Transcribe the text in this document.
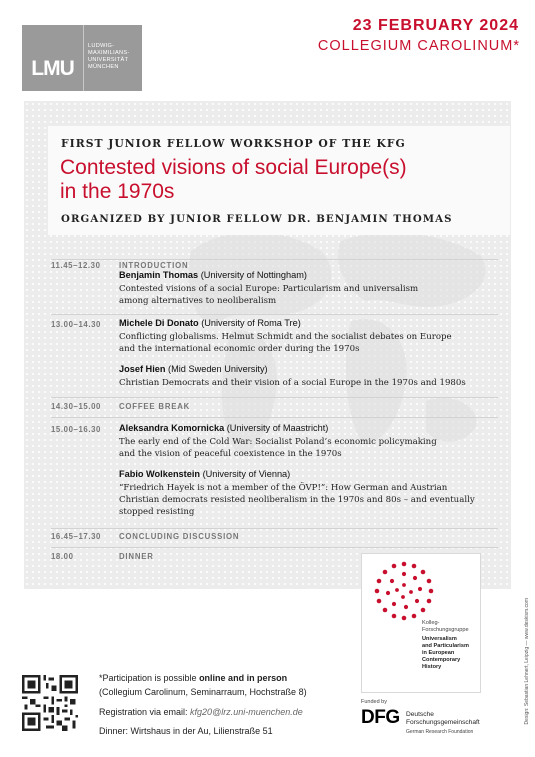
LMU
LUDWIG-
MAXIMILIANS-
UNIVERSITÄT
MÜNCHEN
23 FEBRUARY 2024
COLLEGIUM CAROLINUM*
FIRST JUNIOR FELLOW WORKSHOP OF THE KFG
Contested visions of social Europe(s)
in the 1970s
ORGANIZED BY JUNIOR FELLOW DR. BENJAMIN THOMAS
11.45–12.30 INTRODUCTION
Benjamin Thomas (University of Nottingham)
Contested visions of a social Europe: Particularism and universalism
among alternatives to neoliberalism
13.00–14.30 Michele Di Donato (University of Roma Tre)
Conflicting globalisms. Helmut Schmidt and the socialist debates on Europe
and the international economic order during the 1970s
Josef Hien (Mid Sweden University)
Christian Democrats and their vision of a social Europe in the 1970s and 1980s
14.30–15.00 COFFEE BREAK
15.00–16.30 Aleksandra Komornicka (University of Maastricht)
The early end of the Cold War: Socialist Poland’s economic policymaking
and the vision of peaceful coexistence in the 1970s
Fabio Wolkenstein (University of Vienna)
“Friedrich Hayek is not a member of the ÖVP!”: How German and Austrian
Christian democrats resisted neoliberalism in the 1970s and 80s – and eventually
stopped resisting
16.45–17.30 CONCLUDING DISCUSSION
18.00	DINNER
Kolleg-
Forschungsgruppe
Universalism
and Particularism
in European
Contemporary
History
*Participation is possible online and in person
(Collegium Carolinum, Seminarraum, Hochstraße 8)
Registration via email: kfg20@lrz.uni-muenchen.de
Dinner: Wirtshaus in der Au, Lilienstraße 51
Funded by
DFG Deutsche
Forschungsgemeinschaft
German Research Foundation
Design: Sebastian Lehnert, Leipzig — www.deskism.com
